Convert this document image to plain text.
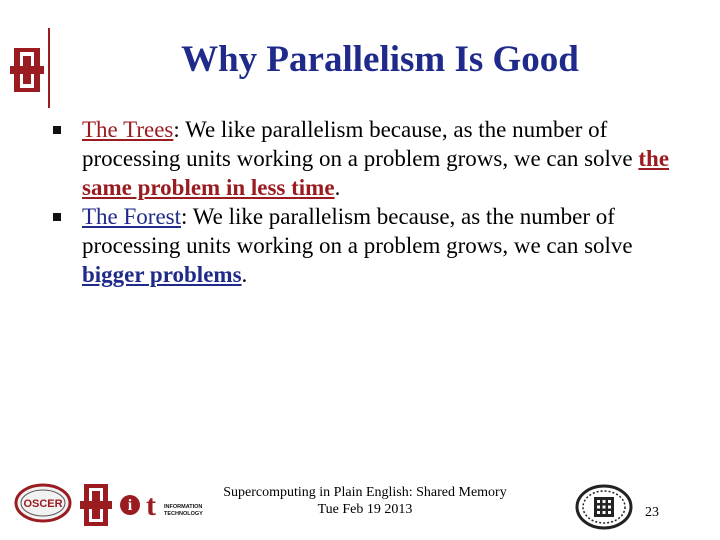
Why Parallelism Is Good
The Trees: We like parallelism because, as the number of processing units working on a problem grows, we can solve the same problem in less time.
The Forest: We like parallelism because, as the number of processing units working on a problem grows, we can solve bigger problems.
OSCER	i t INFORMATION
TECHNOLOGY
Supercomputing in Plain English: Shared Memory
Tue Feb 19 2013	23
